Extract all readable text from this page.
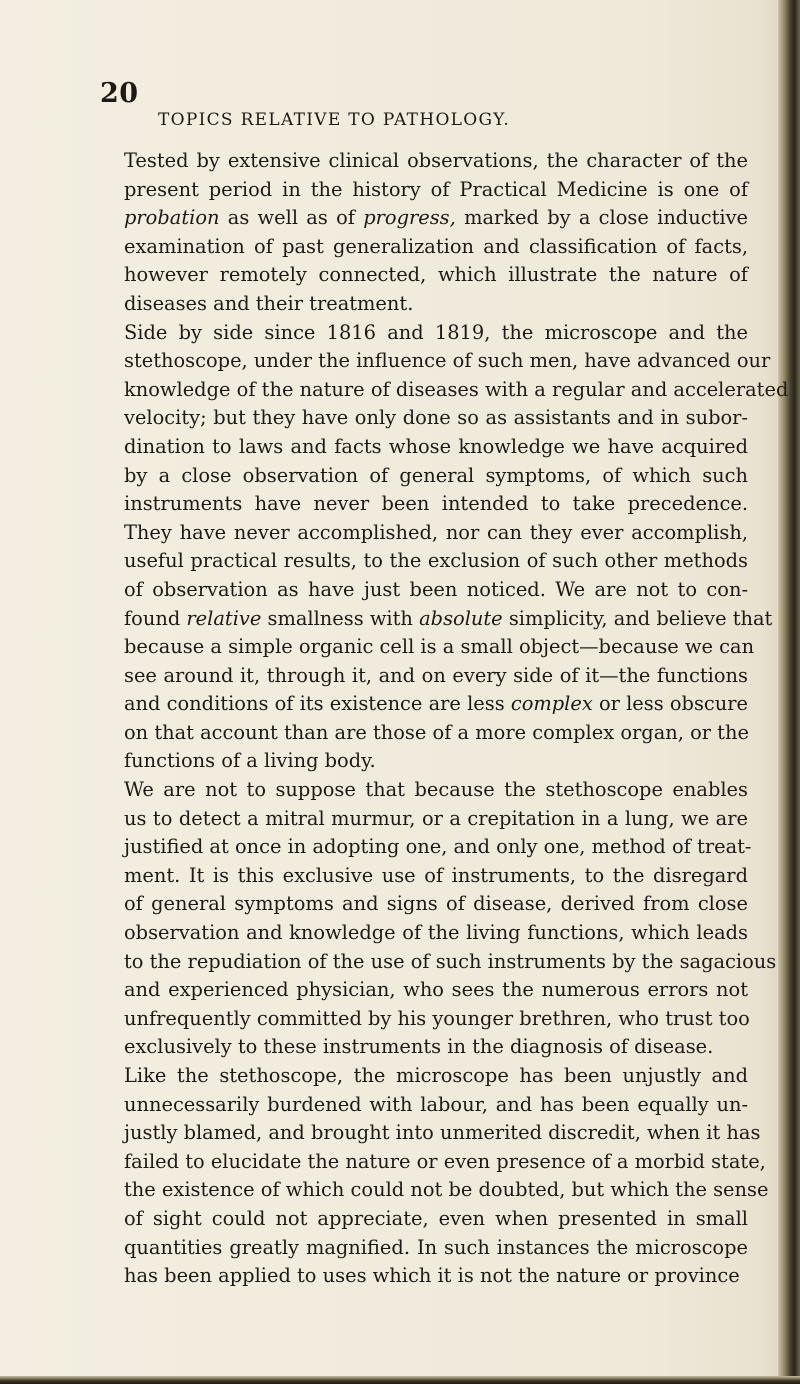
20
TOPICS RELATIVE TO PATHOLOGY.

Tested by extensive clinical observations, the character of the
present period in the history of Practical Medicine is one of
probation as well as of progress, marked by a close inductive
examination of past generalization and classification of facts,
however remotely connected, which illustrate the nature of
diseases and their treatment.

Side by side since 1816 and 1819, the microscope and the
stethoscope, under the influence of such men, have advanced our
knowledge of the nature of diseases with a regular and accelerated
velocity; but they have only done so as assistants and in subor-
dination to laws and facts whose knowledge we have acquired
by a close observation of general symptoms, of which such
instruments have never been intended to take precedence.
They have never accomplished, nor can they ever accomplish,
useful practical results, to the exclusion of such other methods
of observation as have just been noticed. We are not to con-
found relative smallness with absolute simplicity, and believe that
because a simple organic cell is a small object—because we can
see around it, through it, and on every side of it—the functions
and conditions of its existence are less complex or less obscure
on that account than are those of a more complex organ, or the
functions of a living body.

We are not to suppose that because the stethoscope enables
us to detect a mitral murmur, or a crepitation in a lung, we are
justified at once in adopting one, and only one, method of treat-
ment. It is this exclusive use of instruments, to the disregard
of general symptoms and signs of disease, derived from close
observation and knowledge of the living functions, which leads
to the repudiation of the use of such instruments by the sagacious
and experienced physician, who sees the numerous errors not
unfrequently committed by his younger brethren, who trust too
exclusively to these instruments in the diagnosis of disease.

Like the stethoscope, the microscope has been unjustly and
unnecessarily burdened with labour, and has been equally un-
justly blamed, and brought into unmerited discredit, when it has
failed to elucidate the nature or even presence of a morbid state,
the existence of which could not be doubted, but which the sense
of sight could not appreciate, even when presented in small
quantities greatly magnified. In such instances the microscope
has been applied to uses which it is not the nature or province
